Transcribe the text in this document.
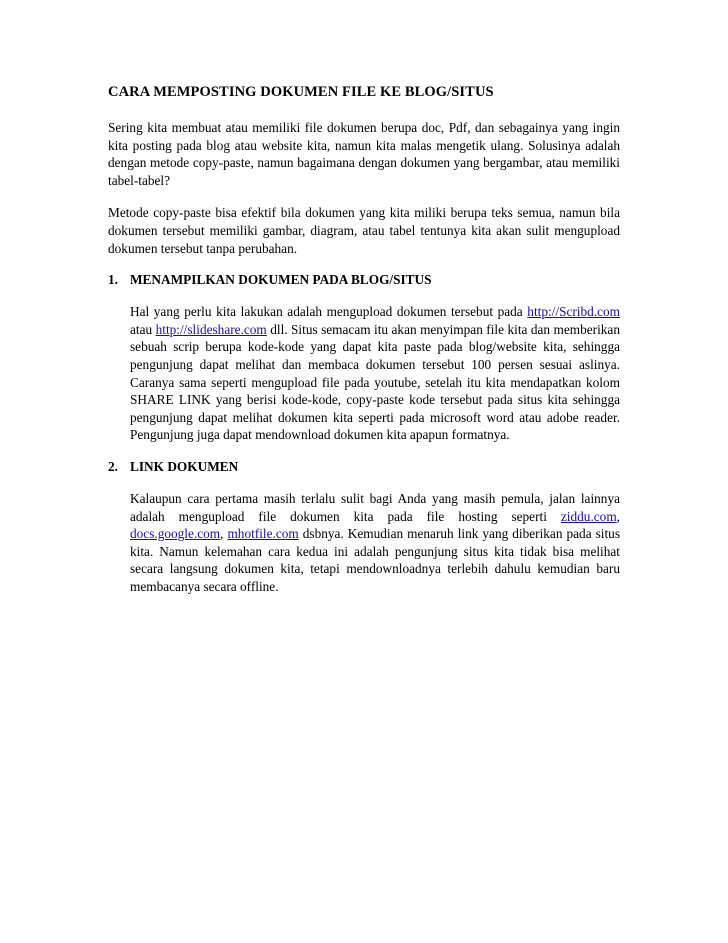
CARA MEMPOSTING DOKUMEN FILE KE BLOG/SITUS

Sering kita membuat atau memiliki file dokumen berupa doc, Pdf, dan sebagainya yang ingin kita posting pada blog atau website kita, namun kita malas mengetik ulang. Solusinya adalah dengan metode copy-paste, namun bagaimana dengan dokumen yang bergambar, atau memiliki tabel-tabel?

Metode copy-paste bisa efektif bila dokumen yang kita miliki berupa teks semua, namun bila dokumen tersebut memiliki gambar, diagram, atau tabel tentunya kita akan sulit mengupload dokumen tersebut tanpa perubahan.

1. MENAMPILKAN DOKUMEN PADA BLOG/SITUS
Hal yang perlu kita lakukan adalah mengupload dokumen tersebut pada http://Scribd.com atau http://slideshare.com dll. Situs semacam itu akan menyimpan file kita dan memberikan sebuah scrip berupa kode-kode yang dapat kita paste pada blog/website kita, sehingga pengunjung dapat melihat dan membaca dokumen tersebut 100 persen sesuai aslinya. Caranya sama seperti mengupload file pada youtube, setelah itu kita mendapatkan kolom SHARE LINK yang berisi kode-kode, copy-paste kode tersebut pada situs kita sehingga pengunjung dapat melihat dokumen kita seperti pada microsoft word atau adobe reader. Pengunjung juga dapat mendownload dokumen kita apapun formatnya.
2. LINK DOKUMEN
Kalaupun cara pertama masih terlalu sulit bagi Anda yang masih pemula, jalan lainnya adalah mengupload file dokumen kita pada file hosting seperti ziddu.com, docs.google.com, mhotfile.com dsbnya. Kemudian menaruh link yang diberikan pada situs kita. Namun kelemahan cara kedua ini adalah pengunjung situs kita tidak bisa melihat secara langsung dokumen kita, tetapi mendownloadnya terlebih dahulu kemudian baru membacanya secara offline.
